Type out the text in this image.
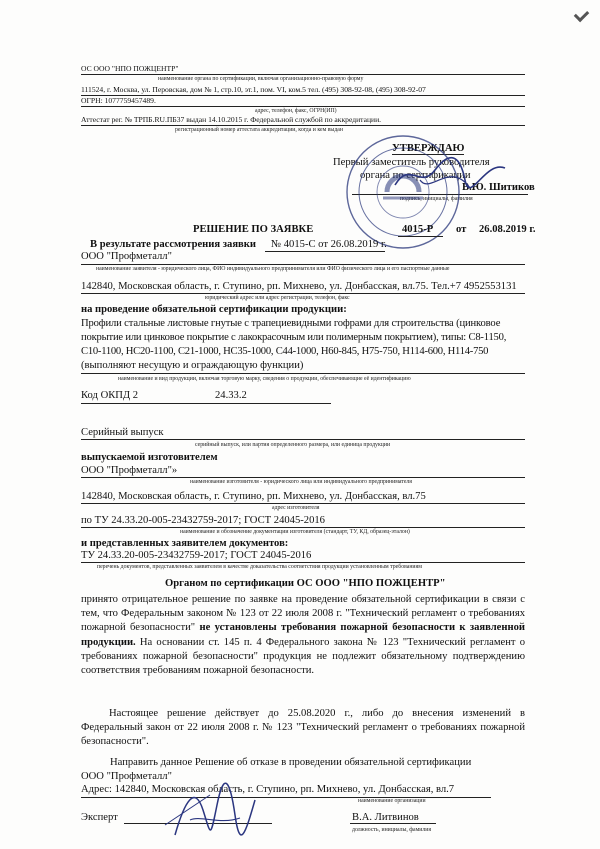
ОС ООО "НПО ПОЖЦЕНТР"
наименование органа по сертификации, включая организационно-правовую форму
111524, г. Москва, ул. Перовская, дом № 1, стр.10, эт.1, пом. VI, ком.5 тел. (495) 308-92-08, (495) 308-92-07
ОГРН: 1077759457489.
адрес, телефон, факс, ОГРН(ИП)
Аттестат рег. № ТРПБ.RU.ПБ37 выдан 14.10.2015 г. Федеральной службой по аккредитации.
регистрационный номер аттестата аккредитации, когда и кем выдан
УТВЕРЖДАЮ
Первый заместитель руководителя
органа по сертификации
В.Ю. Шитиков
подпись, инициалы, фамилия
РЕШЕНИЕ ПО ЗАЯВКЕ	4015-Р от 26.08.2019 г.
В результате рассмотрения заявки № 4015-С от 26.08.2019 г.
ООО "Профметалл"
наименование заявителя - юридического лица, ФИО индивидуального предпринимателя или ФИО физического лица и его паспортные данные
142840, Московская область, г. Ступино, рп. Михнево, ул. Донбасская, вл.75. Тел.+7 4952553131
юридический адрес или адрес регистрации, телефон, факс
на проведение обязательной сертификации продукции:
Профили стальные листовые гнутые с трапециевидными гофрами для строительства (цинковое
покрытие или цинковое покрытие с лакокрасочным или полимерным покрытием), типы: С8-1150,
С10-1100, НС20-1100, С21-1000, НС35-1000, С44-1000, Н60-845, Н75-750, Н114-600, Н114-750
(выполняют несущую и ограждающую функции)
наименование и вид продукции, включая торговую марку, сведения о продукции, обеспечивающие её идентификацию
Код ОКПД 2	24.33.2
Серийный выпуск
серийный выпуск, или партия определенного размера, или единица продукции
выпускаемой изготовителем
ООО "Профметалл"»
наименование изготовителя - юридического лица или индивидуального предпринимателя
142840, Московская область, г. Ступино, рп. Михнево, ул. Донбасская, вл.75
адрес изготовителя
по ТУ 24.33.20-005-23432759-2017; ГОСТ 24045-2016
наименование и обозначение документации изготовителя (стандарт, ТУ, КД, образец-эталон)
и представленных заявителем документов:
ТУ 24.33.20-005-23432759-2017; ГОСТ 24045-2016
перечень документов, представленных заявителем в качестве доказательства соответствия продукции установленным требованиям
Органом по сертификации ОС ООО "НПО ПОЖЦЕНТР"
принято отрицательное решение по заявке на проведение обязательной сертификации в связи с тем, что Федеральным законом № 123 от 22 июля 2008 г. "Технический регламент о требованиях пожарной безопасности" не установлены требования пожарной безопасности к заявленной продукции. На основании ст. 145 п. 4 Федерального закона № 123 "Технический регламент о требованиях пожарной безопасности" продукция не подлежит обязательному подтверждению соответствия требованиям пожарной безопасности.
Настоящее решение действует до 25.08.2020 г., либо до внесения изменений в Федеральный закон от 22 июля 2008 г. № 123 "Технический регламент о требованиях пожарной безопасности".
Направить данное Решение об отказе в проведении обязательной сертификации
ООО "Профметалл"
Адрес: 142840, Московская область, г. Ступино, рп. Михнево, ул. Донбасская, вл.7
наименование организации
Эксперт	В.А. Литвинов
должность, инициалы, фамилия
